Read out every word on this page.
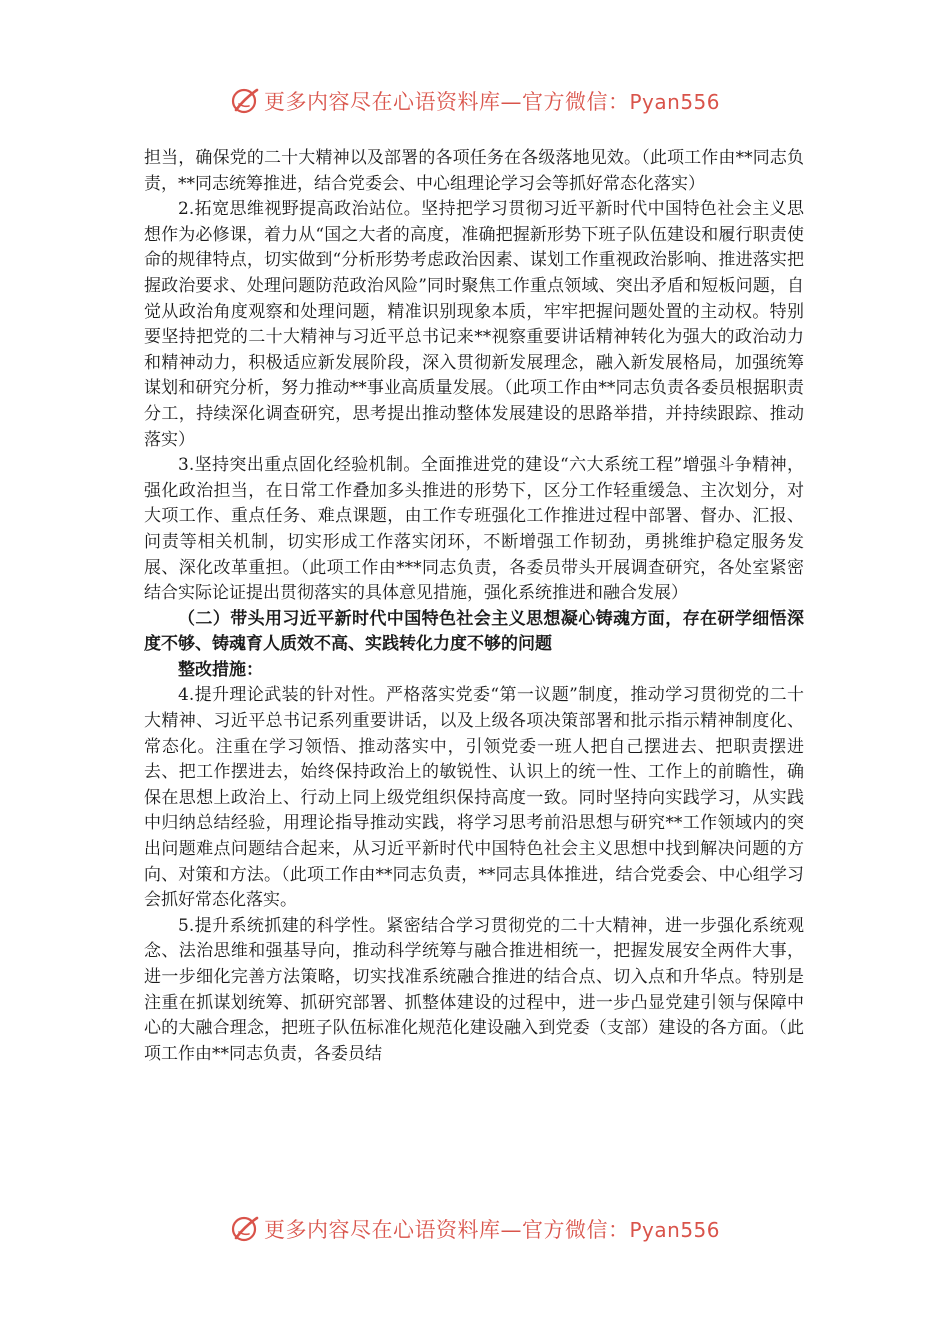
更多内容尽在心语资料库—官方微信：Pyan556

担当，确保党的二十大精神以及部署的各项任务在各级落地见效。（此项工作由**同志负责，**同志统筹推进，结合党委会、中心组理论学习会等抓好常态化落实）

2.拓宽思维视野提高政治站位。坚持把学习贯彻习近平新时代中国特色社会主义思想作为必修课，着力从“国之大者的高度，准确把握新形势下班子队伍建设和履行职责使命的规律特点，切实做到“分析形势考虑政治因素、谋划工作重视政治影响、推进落实把握政治要求、处理问题防范政治风险”同时聚焦工作重点领域、突出矛盾和短板问题，自觉从政治角度观察和处理问题，精准识别现象本质，牢牢把握问题处置的主动权。特别要坚持把党的二十大精神与习近平总书记来**视察重要讲话精神转化为强大的政治动力和精神动力，积极适应新发展阶段，深入贯彻新发展理念，融入新发展格局，加强统筹谋划和研究分析，努力推动**事业高质量发展。（此项工作由**同志负责各委员根据职责分工，持续深化调查研究，思考提出推动整体发展建设的思路举措，并持续跟踪、推动落实）

3.坚持突出重点固化经验机制。全面推进党的建设“六大系统工程”增强斗争精神，强化政治担当，在日常工作叠加多头推进的形势下，区分工作轻重缓急、主次划分，对大项工作、重点任务、难点课题，由工作专班强化工作推进过程中部署、督办、汇报、问责等相关机制，切实形成工作落实闭环，不断增强工作韧劲，勇挑维护稳定服务发展、深化改革重担。（此项工作由***同志负责，各委员带头开展调查研究，各处室紧密结合实际论证提出贯彻落实的具体意见措施，强化系统推进和融合发展）

（二）带头用习近平新时代中国特色社会主义思想凝心铸魂方面，存在研学细悟深度不够、铸魂育人质效不高、实践转化力度不够的问题

整改措施：

4.提升理论武装的针对性。严格落实党委“第一议题”制度，推动学习贯彻党的二十大精神、习近平总书记系列重要讲话，以及上级各项决策部署和批示指示精神制度化、常态化。注重在学习领悟、推动落实中，引领党委一班人把自己摆进去、把职责摆进去、把工作摆进去，始终保持政治上的敏锐性、认识上的统一性、工作上的前瞻性，确保在思想上政治上、行动上同上级党组织保持高度一致。同时坚持向实践学习，从实践中归纳总结经验，用理论指导推动实践，将学习思考前沿思想与研究**工作领域内的突出问题难点问题结合起来，从习近平新时代中国特色社会主义思想中找到解决问题的方向、对策和方法。（此项工作由**同志负责，**同志具体推进，结合党委会、中心组学习会抓好常态化落实。

5.提升系统抓建的科学性。紧密结合学习贯彻党的二十大精神，进一步强化系统观念、法治思维和强基导向，推动科学统筹与融合推进相统一，把握发展安全两件大事，进一步细化完善方法策略，切实找准系统融合推进的结合点、切入点和升华点。特别是注重在抓谋划统筹、抓研究部署、抓整体建设的过程中，进一步凸显党建引领与保障中心的大融合理念，把班子队伍标准化规范化建设融入到党委（支部）建设的各方面。（此项工作由**同志负责，各委员结

更多内容尽在心语资料库—官方微信：Pyan556
